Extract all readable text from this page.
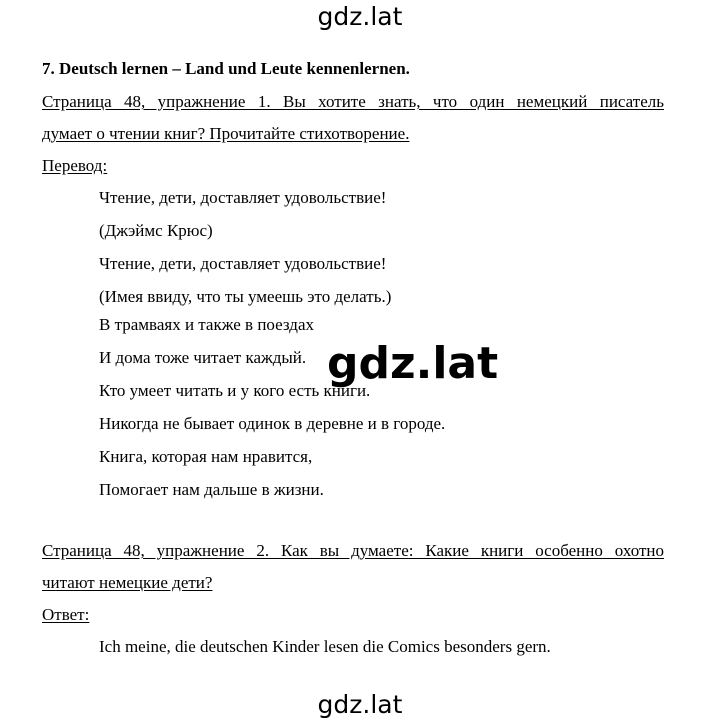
gdz.lat
7. Deutsch lernen – Land und Leute kennenlernen.
Страница 48, упражнение 1. Вы хотите знать, что один немецкий писатель
думает о чтении книг? Прочитайте стихотворение.
Перевод:
Чтение, дети, доставляет удовольствие!
(Джэймс Крюс)
Чтение, дети, доставляет удовольствие!
(Имея ввиду, что ты умеешь это делать.)
В трамваях и также в поездах
И дома тоже читает каждый.
Кто умеет читать и у кого есть книги.
Никогда не бывает одинок в деревне и в городе.
Книга, которая нам нравится,
Помогает нам дальше в жизни.
gdz.lat
Страница 48, упражнение 2. Как вы думаете: Какие книги особенно охотно
читают немецкие дети?
Ответ:
Ich meine, die deutschen Kinder lesen die Comics besonders gern.
gdz.lat
